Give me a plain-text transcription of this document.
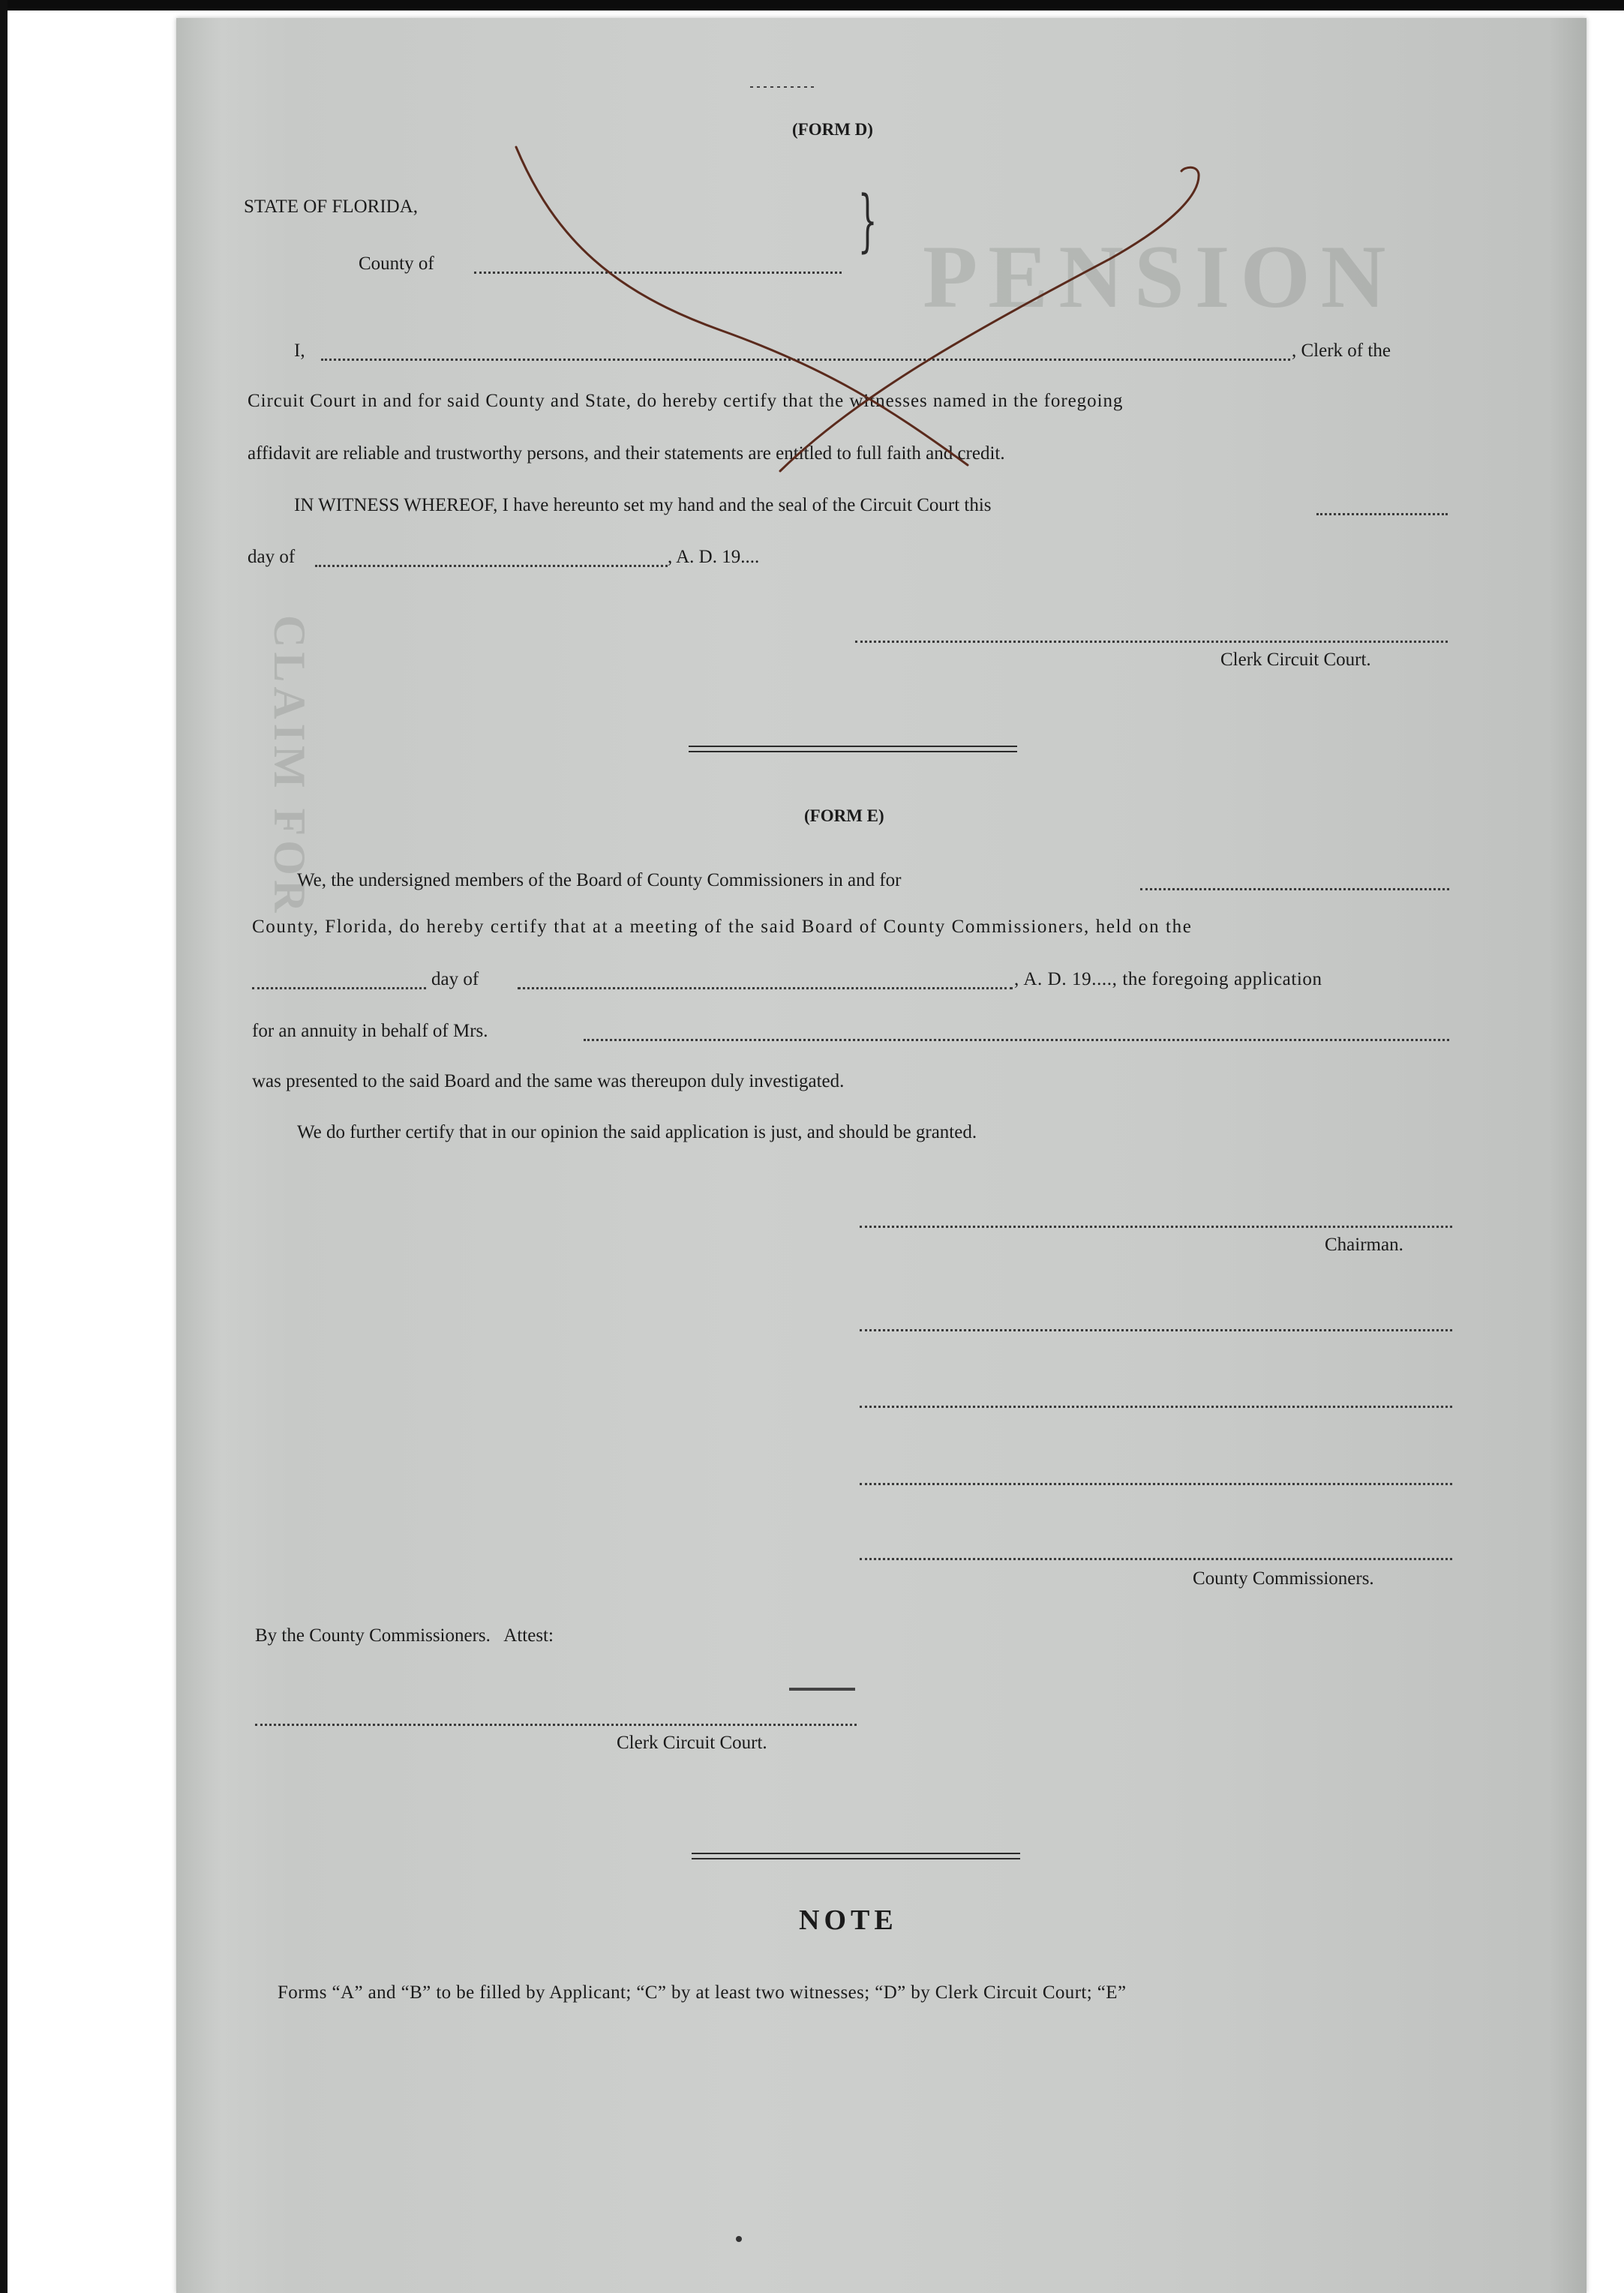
PENSION
CLAIM FOR
(FORM D)
STATE OF FLORIDA,
County of
}
I,	, Clerk of the
Circuit Court in and for said County and State, do hereby certify that the witnesses named in the foregoing
affidavit are reliable and trustworthy persons, and their statements are entitled to full faith and credit.
IN WITNESS WHEREOF, I have hereunto set my hand and the seal of the Circuit Court this
day of	, A. D. 19....
Clerk Circuit Court.
(FORM E)
We, the undersigned members of the Board of County Commissioners in and for
County, Florida, do hereby certify that at a meeting of the said Board of County Commissioners, held on the
day of	, A. D. 19...., the foregoing application
for an annuity in behalf of Mrs.
was presented to the said Board and the same was thereupon duly investigated.
We do further certify that in our opinion the said application is just, and should be granted.
Chairman.
County Commissioners.
By the County Commissioners.   Attest:
Clerk Circuit Court.
NOTE
Forms “A” and “B” to be filled by Applicant; “C” by at least two witnesses; “D” by Clerk Circuit Court; “E”
